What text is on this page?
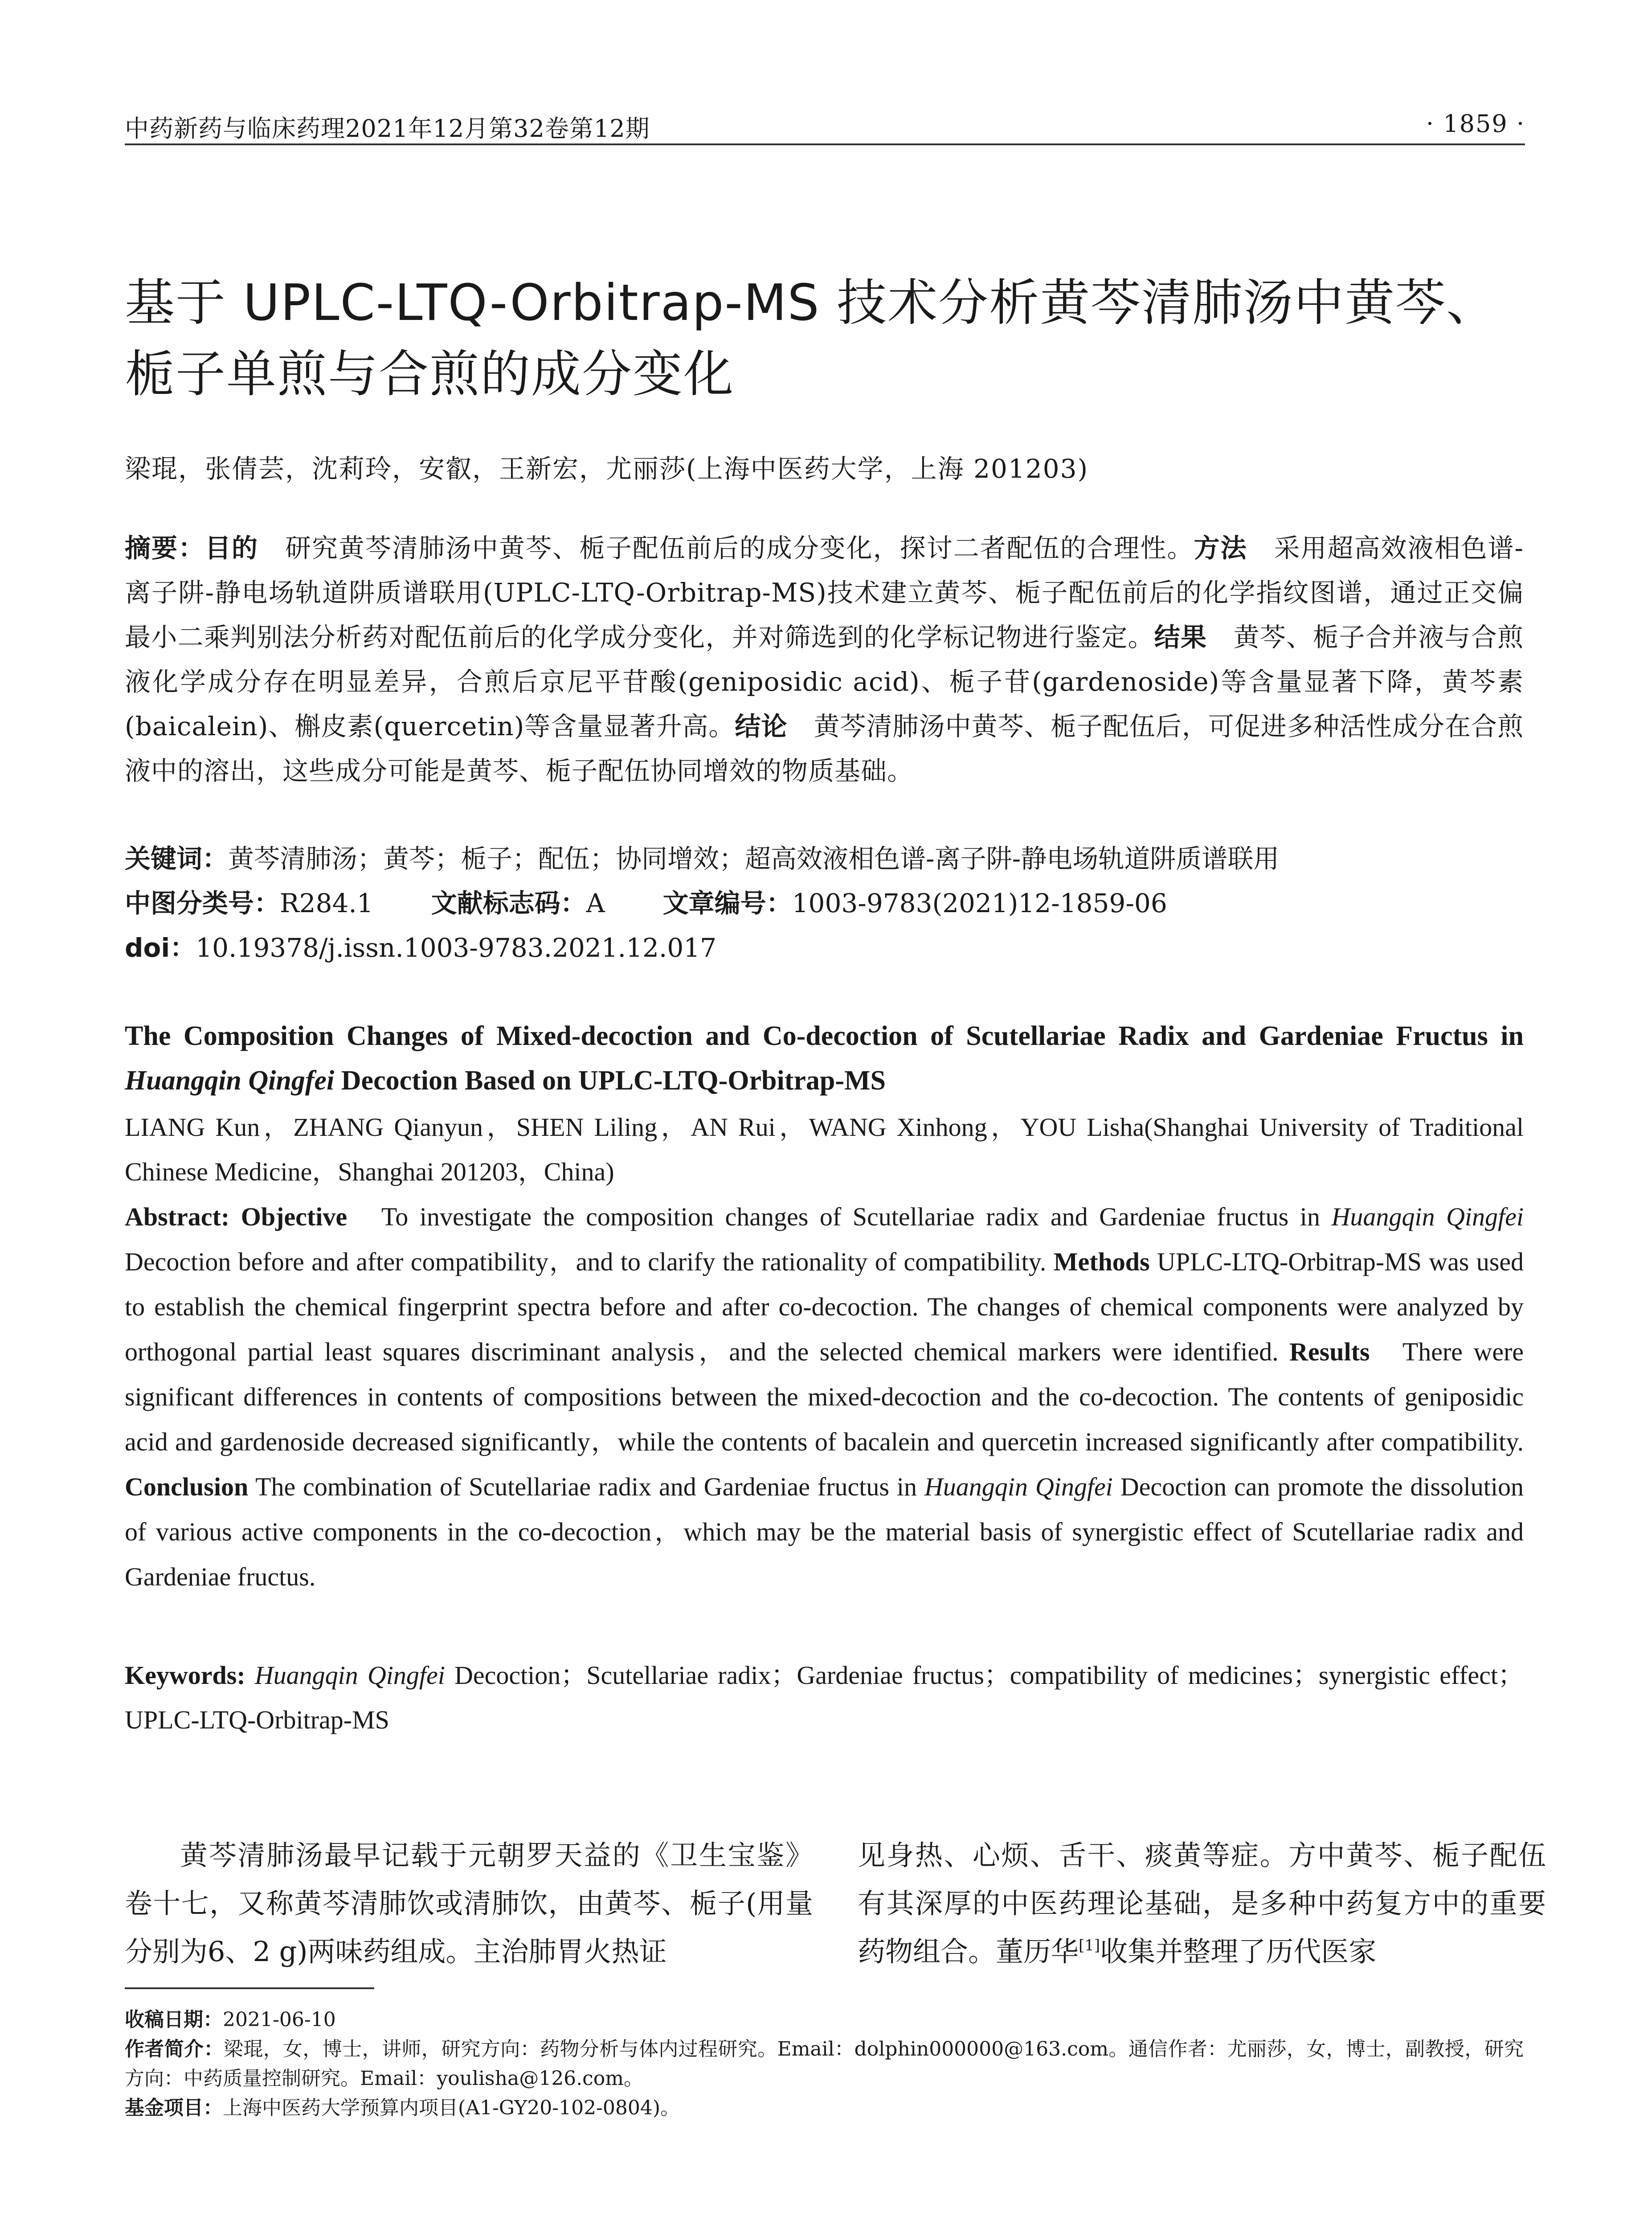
中药新药与临床药理2021年12月第32卷第12期	· 1859 ·
基于 UPLC-LTQ-Orbitrap-MS 技术分析黄芩清肺汤中黄芩、
栀子单煎与合煎的成分变化
梁琨，张倩芸，沈莉玲，安叡，王新宏，尤丽莎(上海中医药大学，上海 201203)
摘要：目的　 研究黄芩清肺汤中黄芩、栀子配伍前后的成分变化，探讨二者配伍的合理性。方法　 采用超高效液相色谱-离子阱-静电场轨道阱质谱联用(UPLC-LTQ-Orbitrap-MS)技术建立黄芩、栀子配伍前后的化学指纹图谱，通过正交偏最小二乘判别法分析药对配伍前后的化学成分变化，并对筛选到的化学标记物进行鉴定。结果　 黄芩、栀子合并液与合煎液化学成分存在明显差异，合煎后京尼平苷酸(geniposidic acid)、栀子苷(gardenoside)等含量显著下降，黄芩素(baicalein)、槲皮素(quercetin)等含量显著升高。结论　 黄芩清肺汤中黄芩、栀子配伍后，可促进多种活性成分在合煎液中的溶出，这些成分可能是黄芩、栀子配伍协同增效的物质基础。
关键词：黄芩清肺汤；黄芩；栀子；配伍；协同增效；超高效液相色谱-离子阱-静电场轨道阱质谱联用
中图分类号：R284.1 文献标志码：A 文章编号：1003-9783(2021)12-1859-06
doi：10.19378/j.issn.1003-9783.2021.12.017
The Composition Changes of Mixed-decoction and Co-decoction of Scutellariae Radix and Gardeniae Fructus in Huangqin Qingfei Decoction Based on UPLC-LTQ-Orbitrap-MS
LIANG Kun，ZHANG Qianyun，SHEN Liling，AN Rui，WANG Xinhong，YOU Lisha(Shanghai University of Traditional Chinese Medicine，Shanghai 201203，China)
Abstract: Objective To investigate the composition changes of Scutellariae radix and Gardeniae fructus in Huangqin Qingfei Decoction before and after compatibility，and to clarify the rationality of compatibility. Methods UPLC-LTQ-Orbitrap-MS was used to establish the chemical fingerprint spectra before and after co-decoction. The changes of chemical components were analyzed by orthogonal partial least squares discriminant analysis，and the selected chemical markers were identified. Results There were significant differences in contents of compositions between the mixed-decoction and the co-decoction. The contents of geniposidic acid and gardenoside decreased significantly，while the contents of bacalein and quercetin increased significantly after compatibility. Conclusion The combination of Scutellariae radix and Gardeniae fructus in Huangqin Qingfei Decoction can promote the dissolution of various active components in the co-decoction，which may be the material basis of synergistic effect of Scutellariae radix and Gardeniae fructus.
Keywords: Huangqin Qingfei Decoction；Scutellariae radix；Gardeniae fructus；compatibility of medicines；synergistic effect；UPLC-LTQ-Orbitrap-MS

黄芩清肺汤最早记载于元朝罗天益的《卫生宝鉴》卷十七，又称黄芩清肺饮或清肺饮，由黄芩、栀子(用量分别为6、2 g)两味药组成。主治肺胃火热证

见身热、心烦、舌干、痰黄等症。方中黄芩、栀子配伍有其深厚的中医药理论基础，是多种中药复方中的重要药物组合。董历华[1]收集并整理了历代医家

收稿日期：2021-06-10

作者简介：梁琨，女，博士，讲师，研究方向：药物分析与体内过程研究。Email：dolphin000000@163.com。通信作者：尤丽莎，女，博士，副教授，研究方向：中药质量控制研究。Email：youlisha@126.com。

基金项目：上海中医药大学预算内项目(A1-GY20-102-0804)。
